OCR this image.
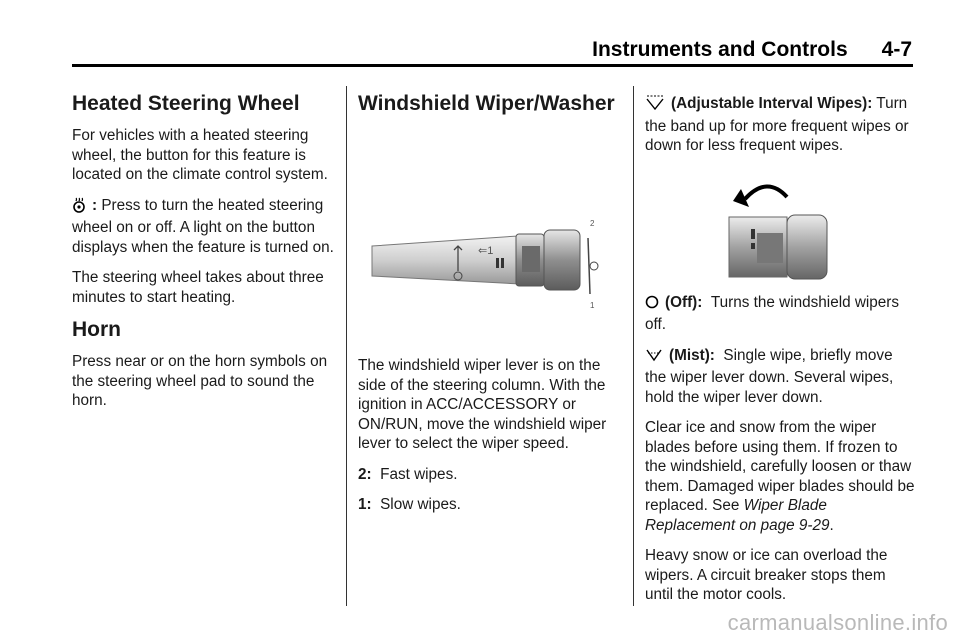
Instruments and Controls 4-7
Heated Steering Wheel

For vehicles with a heated steering wheel, the button for this feature is located on the climate control system.

: Press to turn the heated steering wheel on or off. A light on the button displays when the feature is turned on.

The steering wheel takes about three minutes to start heating.

Horn

Press near or on the horn symbols on the steering wheel pad to sound the horn.

Windshield Wiper/Washer
⇐1
2
1

The windshield wiper lever is on the side of the steering column. With the ignition in ACC/ACCESSORY or ON/RUN, move the windshield wiper lever to select the wiper speed.

2: Fast wipes.

1: Slow wipes.

(Adjustable Interval Wipes): Turn the band up for more frequent wipes or down for less frequent wipes.

(Off): Turns the windshield wipers off.

(Mist): Single wipe, briefly move the wiper lever down. Several wipes, hold the wiper lever down.

Clear ice and snow from the wiper blades before using them. If frozen to the windshield, carefully loosen or thaw them. Damaged wiper blades should be replaced. See Wiper Blade Replacement on page 9-29.

Heavy snow or ice can overload the wipers. A circuit breaker stops them until the motor cools.

carmanualsonline.info
